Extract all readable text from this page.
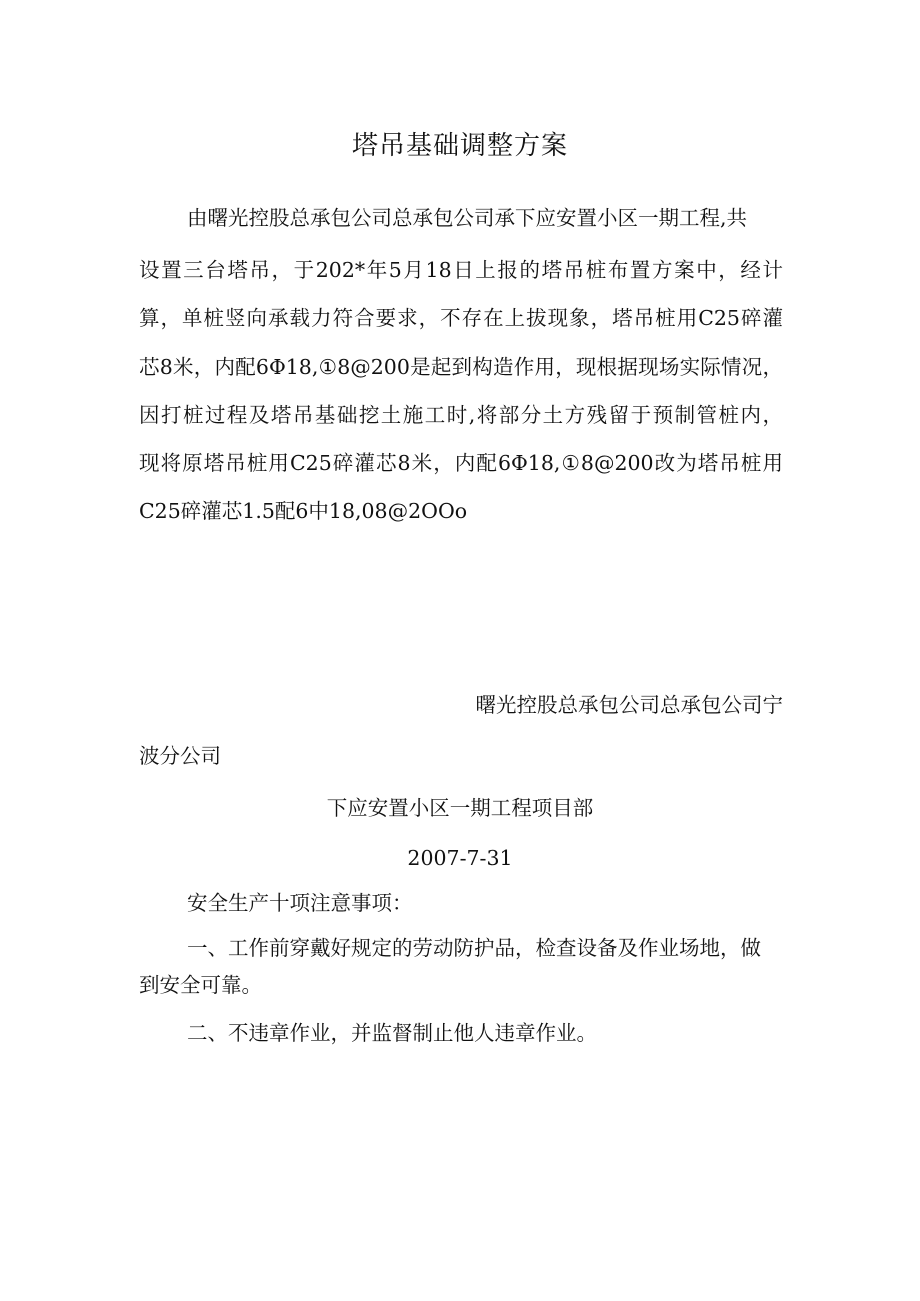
塔吊基础调整方案
由曙光控股总承包公司总承包公司承下应安置小区一期工程,共
设置三台塔吊，于202*年5月18日上报的塔吊桩布置方案中，经计
算，单桩竖向承载力符合要求，不存在上拔现象，塔吊桩用C25碎灌
芯8米，内配6Φ18,①8@200是起到构造作用，现根据现场实际情况，
因打桩过程及塔吊基础挖土施工时,将部分土方残留于预制管桩内，
现将原塔吊桩用C25碎灌芯8米，内配6Φ18,①8@200改为塔吊桩用
C25碎灌芯1.5配6中18,08@2OOo
曙光控股总承包公司总承包公司宁
波分公司
下应安置小区一期工程项目部
2007-7-31
安全生产十项注意事项：
一、工作前穿戴好规定的劳动防护品，检查设备及作业场地，做
到安全可靠。
二、不违章作业，并监督制止他人违章作业。
